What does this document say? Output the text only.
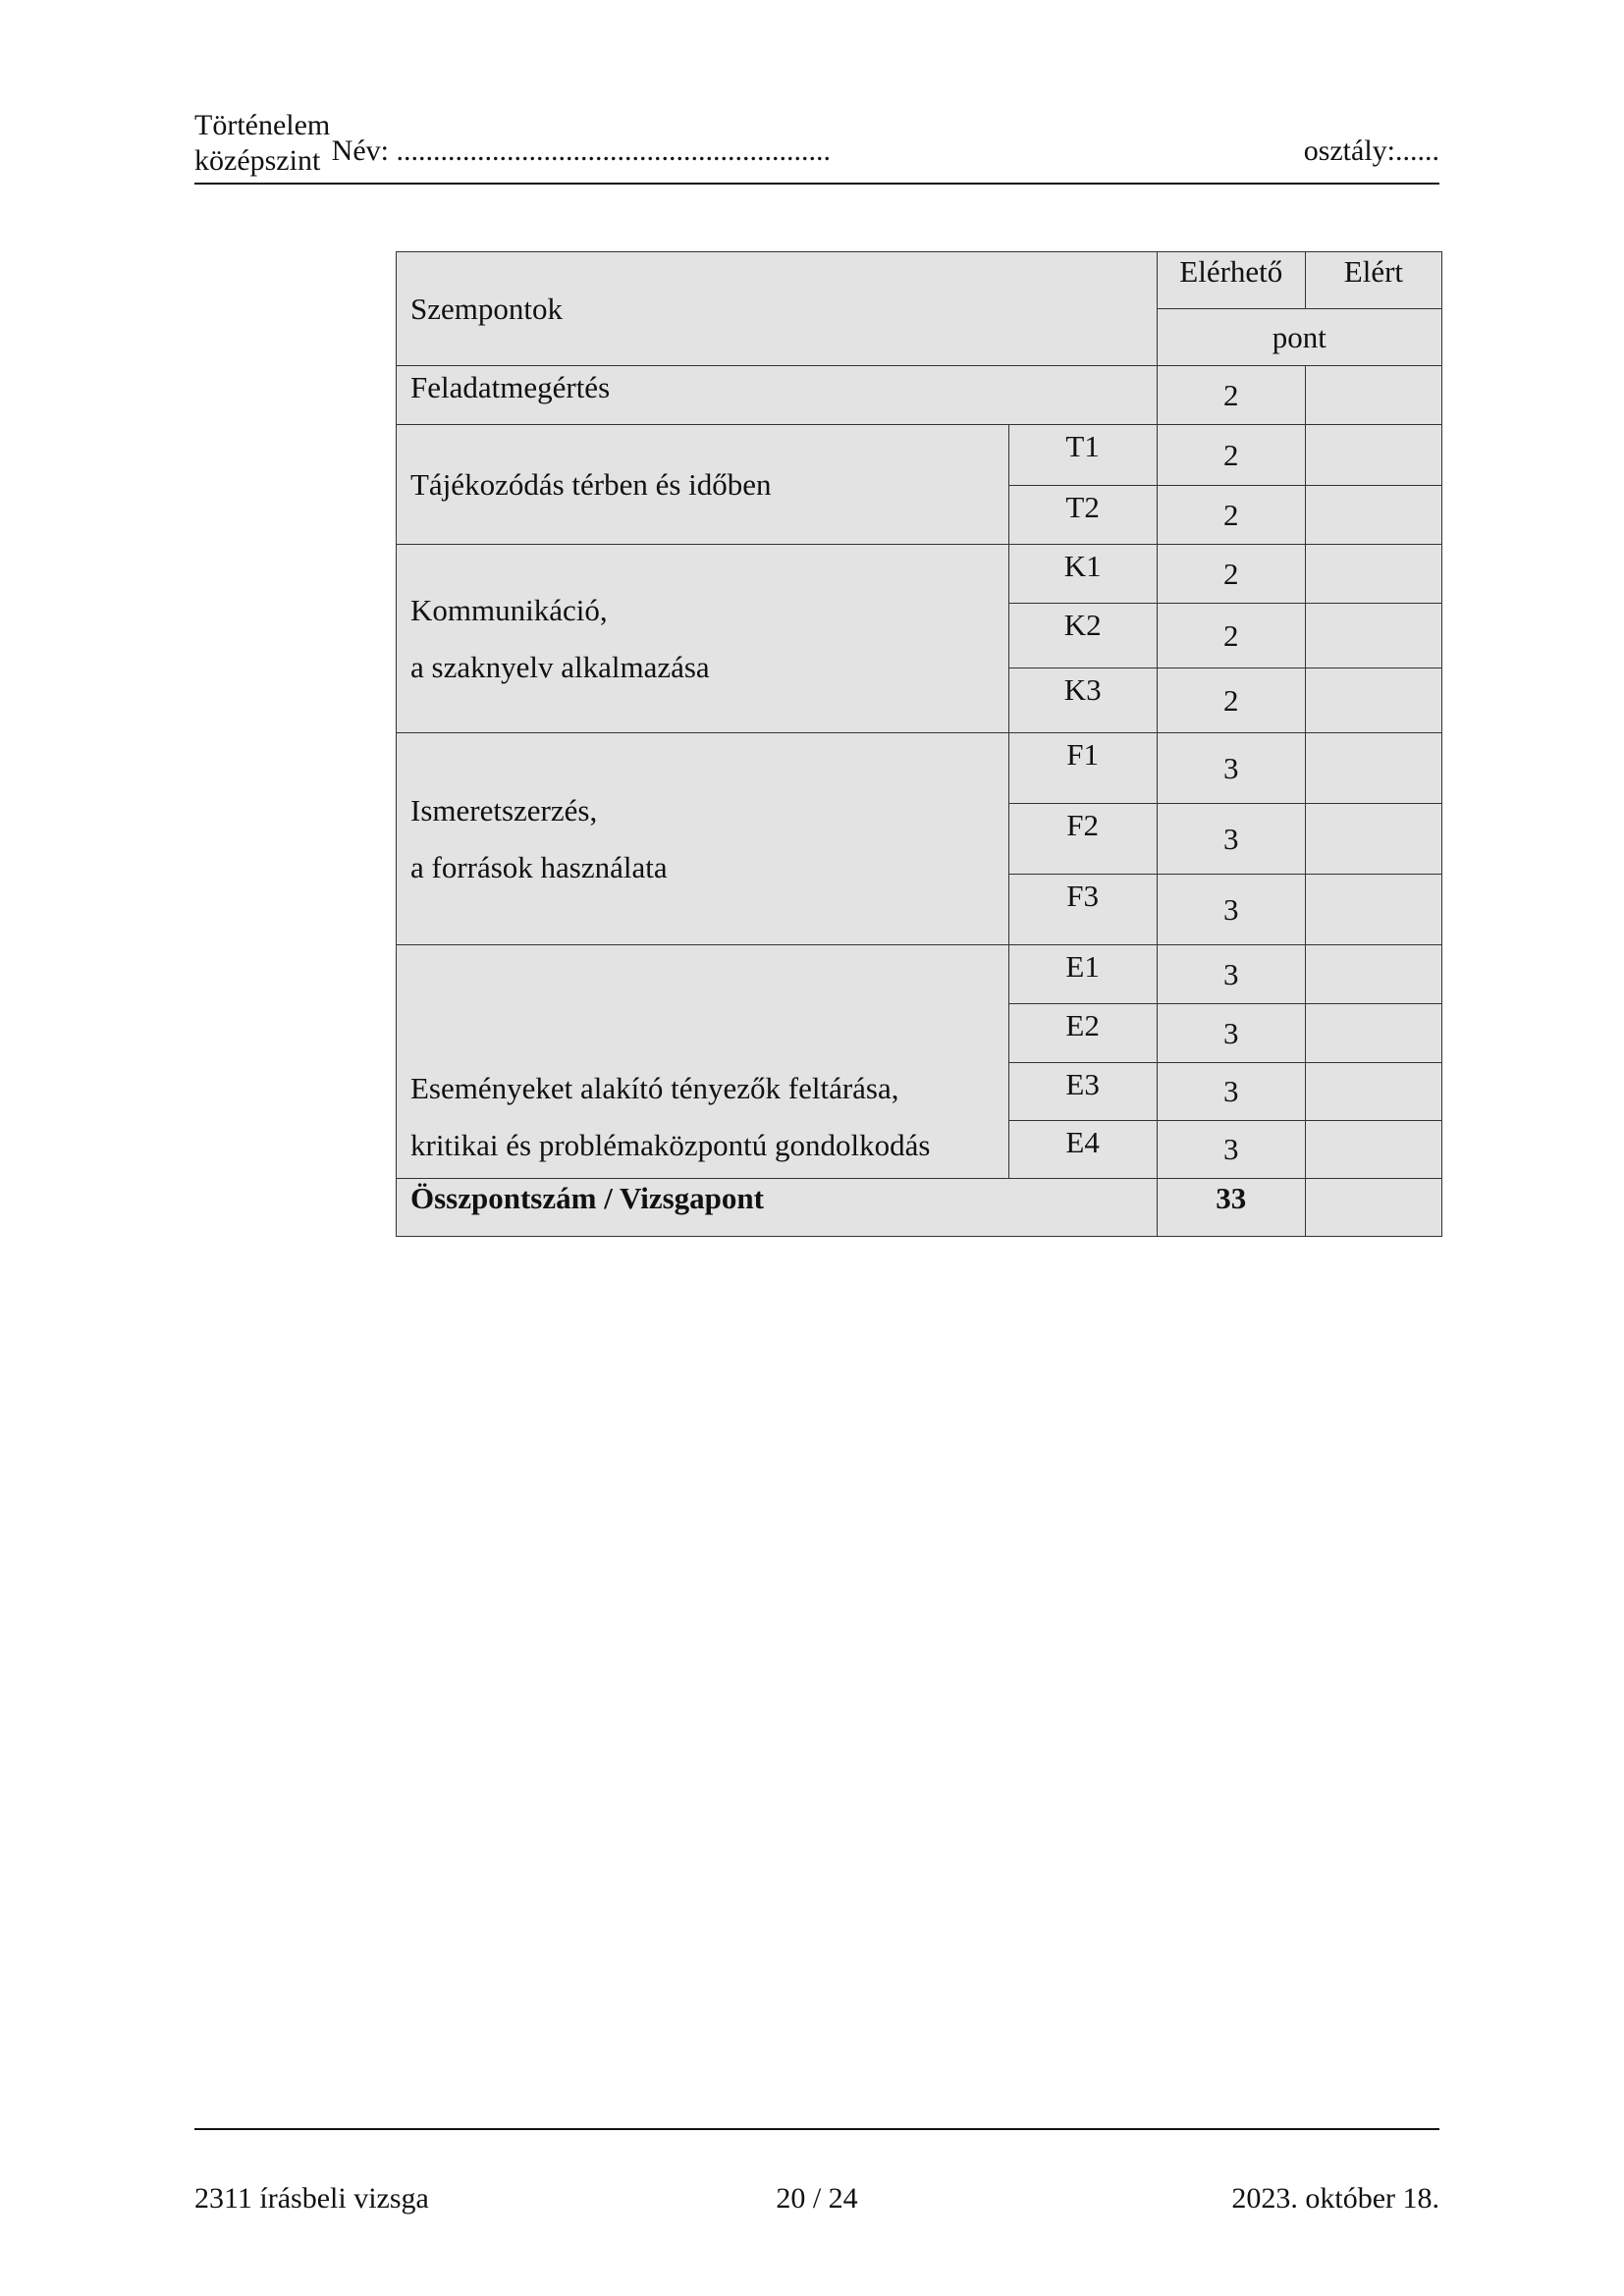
Történelem
középszint Név: ...........................................................	osztály:......
Szempontok		Elérhető	Elért
		pont	
Feladatmegértés		2	

Tájékozódás térben és időben	T1	2	
	T2	2	

Kommunikáció,
a szaknyelv alkalmazása	K1	2	
	K2	2	
	K3	2	

Ismeretszerzés,
a források használata	F1	3	
	F2	3	
	F3	3	

Eseményeket alakító tényezők feltárása,
kritikai és problémaközpontú gondolkodás	E1	3	
	E2	3	
	E3	3	
	E4	3	
Összpontszám / Vizsgapont		33	
2311 írásbeli vizsga	20 / 24	2023. október 18.
